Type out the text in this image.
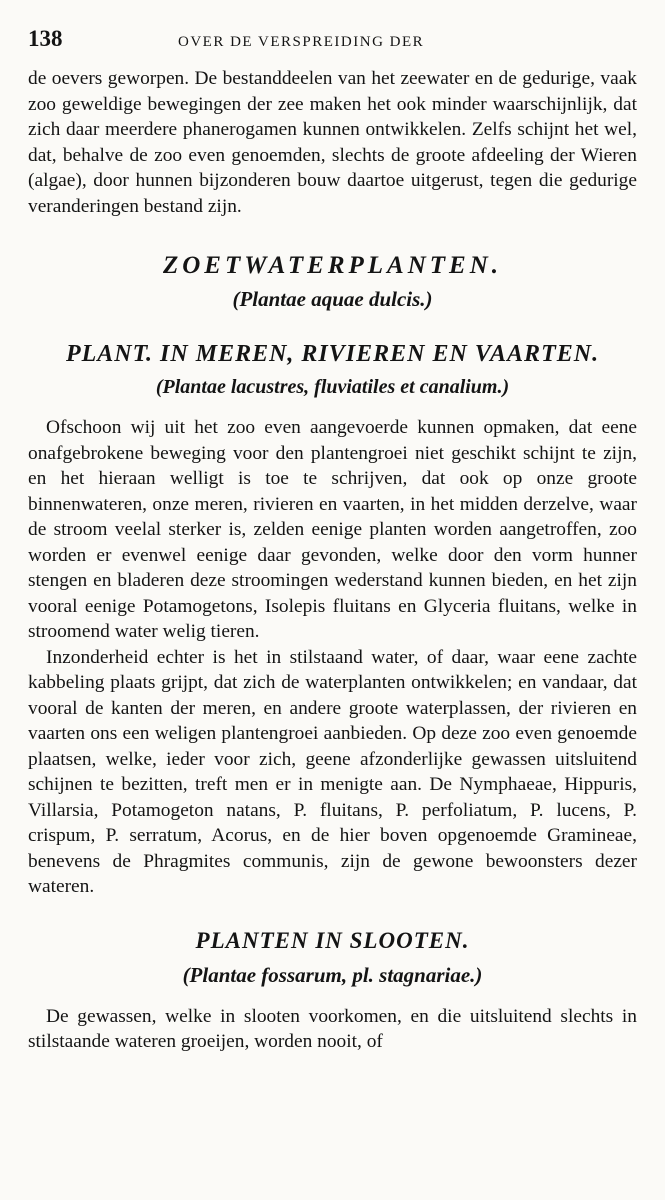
138	OVER DE VERSPREIDING DER

de oevers geworpen. De bestanddeelen van het zeewater en de gedurige, vaak zoo geweldige bewegingen der zee maken het ook minder waarschijnlijk, dat zich daar meerdere phanerogamen kunnen ontwikkelen. Zelfs schijnt het wel, dat, behalve de zoo even genoemden, slechts de groote afdeeling der Wieren (algae), door hunnen bijzonderen bouw daartoe uitgerust, tegen die gedurige veranderingen bestand zijn.

ZOETWATERPLANTEN.

(Plantae aquae dulcis.)

PLANT. IN MEREN, RIVIEREN EN VAARTEN.

(Plantae lacustres, fluviatiles et canalium.)

Ofschoon wij uit het zoo even aangevoerde kunnen opmaken, dat eene onafgebrokene beweging voor den plantengroei niet geschikt schijnt te zijn, en het hieraan welligt is toe te schrijven, dat ook op onze groote binnenwateren, onze meren, rivieren en vaarten, in het midden derzelve, waar de stroom veelal sterker is, zelden eenige planten worden aangetroffen, zoo worden er evenwel eenige daar gevonden, welke door den vorm hunner stengen en bladeren deze stroomingen wederstand kunnen bieden, en het zijn vooral eenige Potamogetons, Isolepis fluitans en Glyceria fluitans, welke in stroomend water welig tieren.

Inzonderheid echter is het in stilstaand water, of daar, waar eene zachte kabbeling plaats grijpt, dat zich de waterplanten ontwikkelen; en vandaar, dat vooral de kanten der meren, en andere groote waterplassen, der rivieren en vaarten ons een weligen plantengroei aanbieden. Op deze zoo even genoemde plaatsen, welke, ieder voor zich, geene afzonderlijke gewassen uitsluitend schijnen te bezitten, treft men er in menigte aan. De Nymphaeae, Hippuris, Villarsia, Potamogeton natans, P. fluitans, P. perfoliatum, P. lucens, P. crispum, P. serratum, Acorus, en de hier boven opgenoemde Gramineae, benevens de Phragmites communis, zijn de gewone bewoonsters dezer wateren.

PLANTEN IN SLOOTEN.

(Plantae fossarum, pl. stagnariae.)

De gewassen, welke in slooten voorkomen, en die uitsluitend slechts in stilstaande wateren groeijen, worden nooit, of
